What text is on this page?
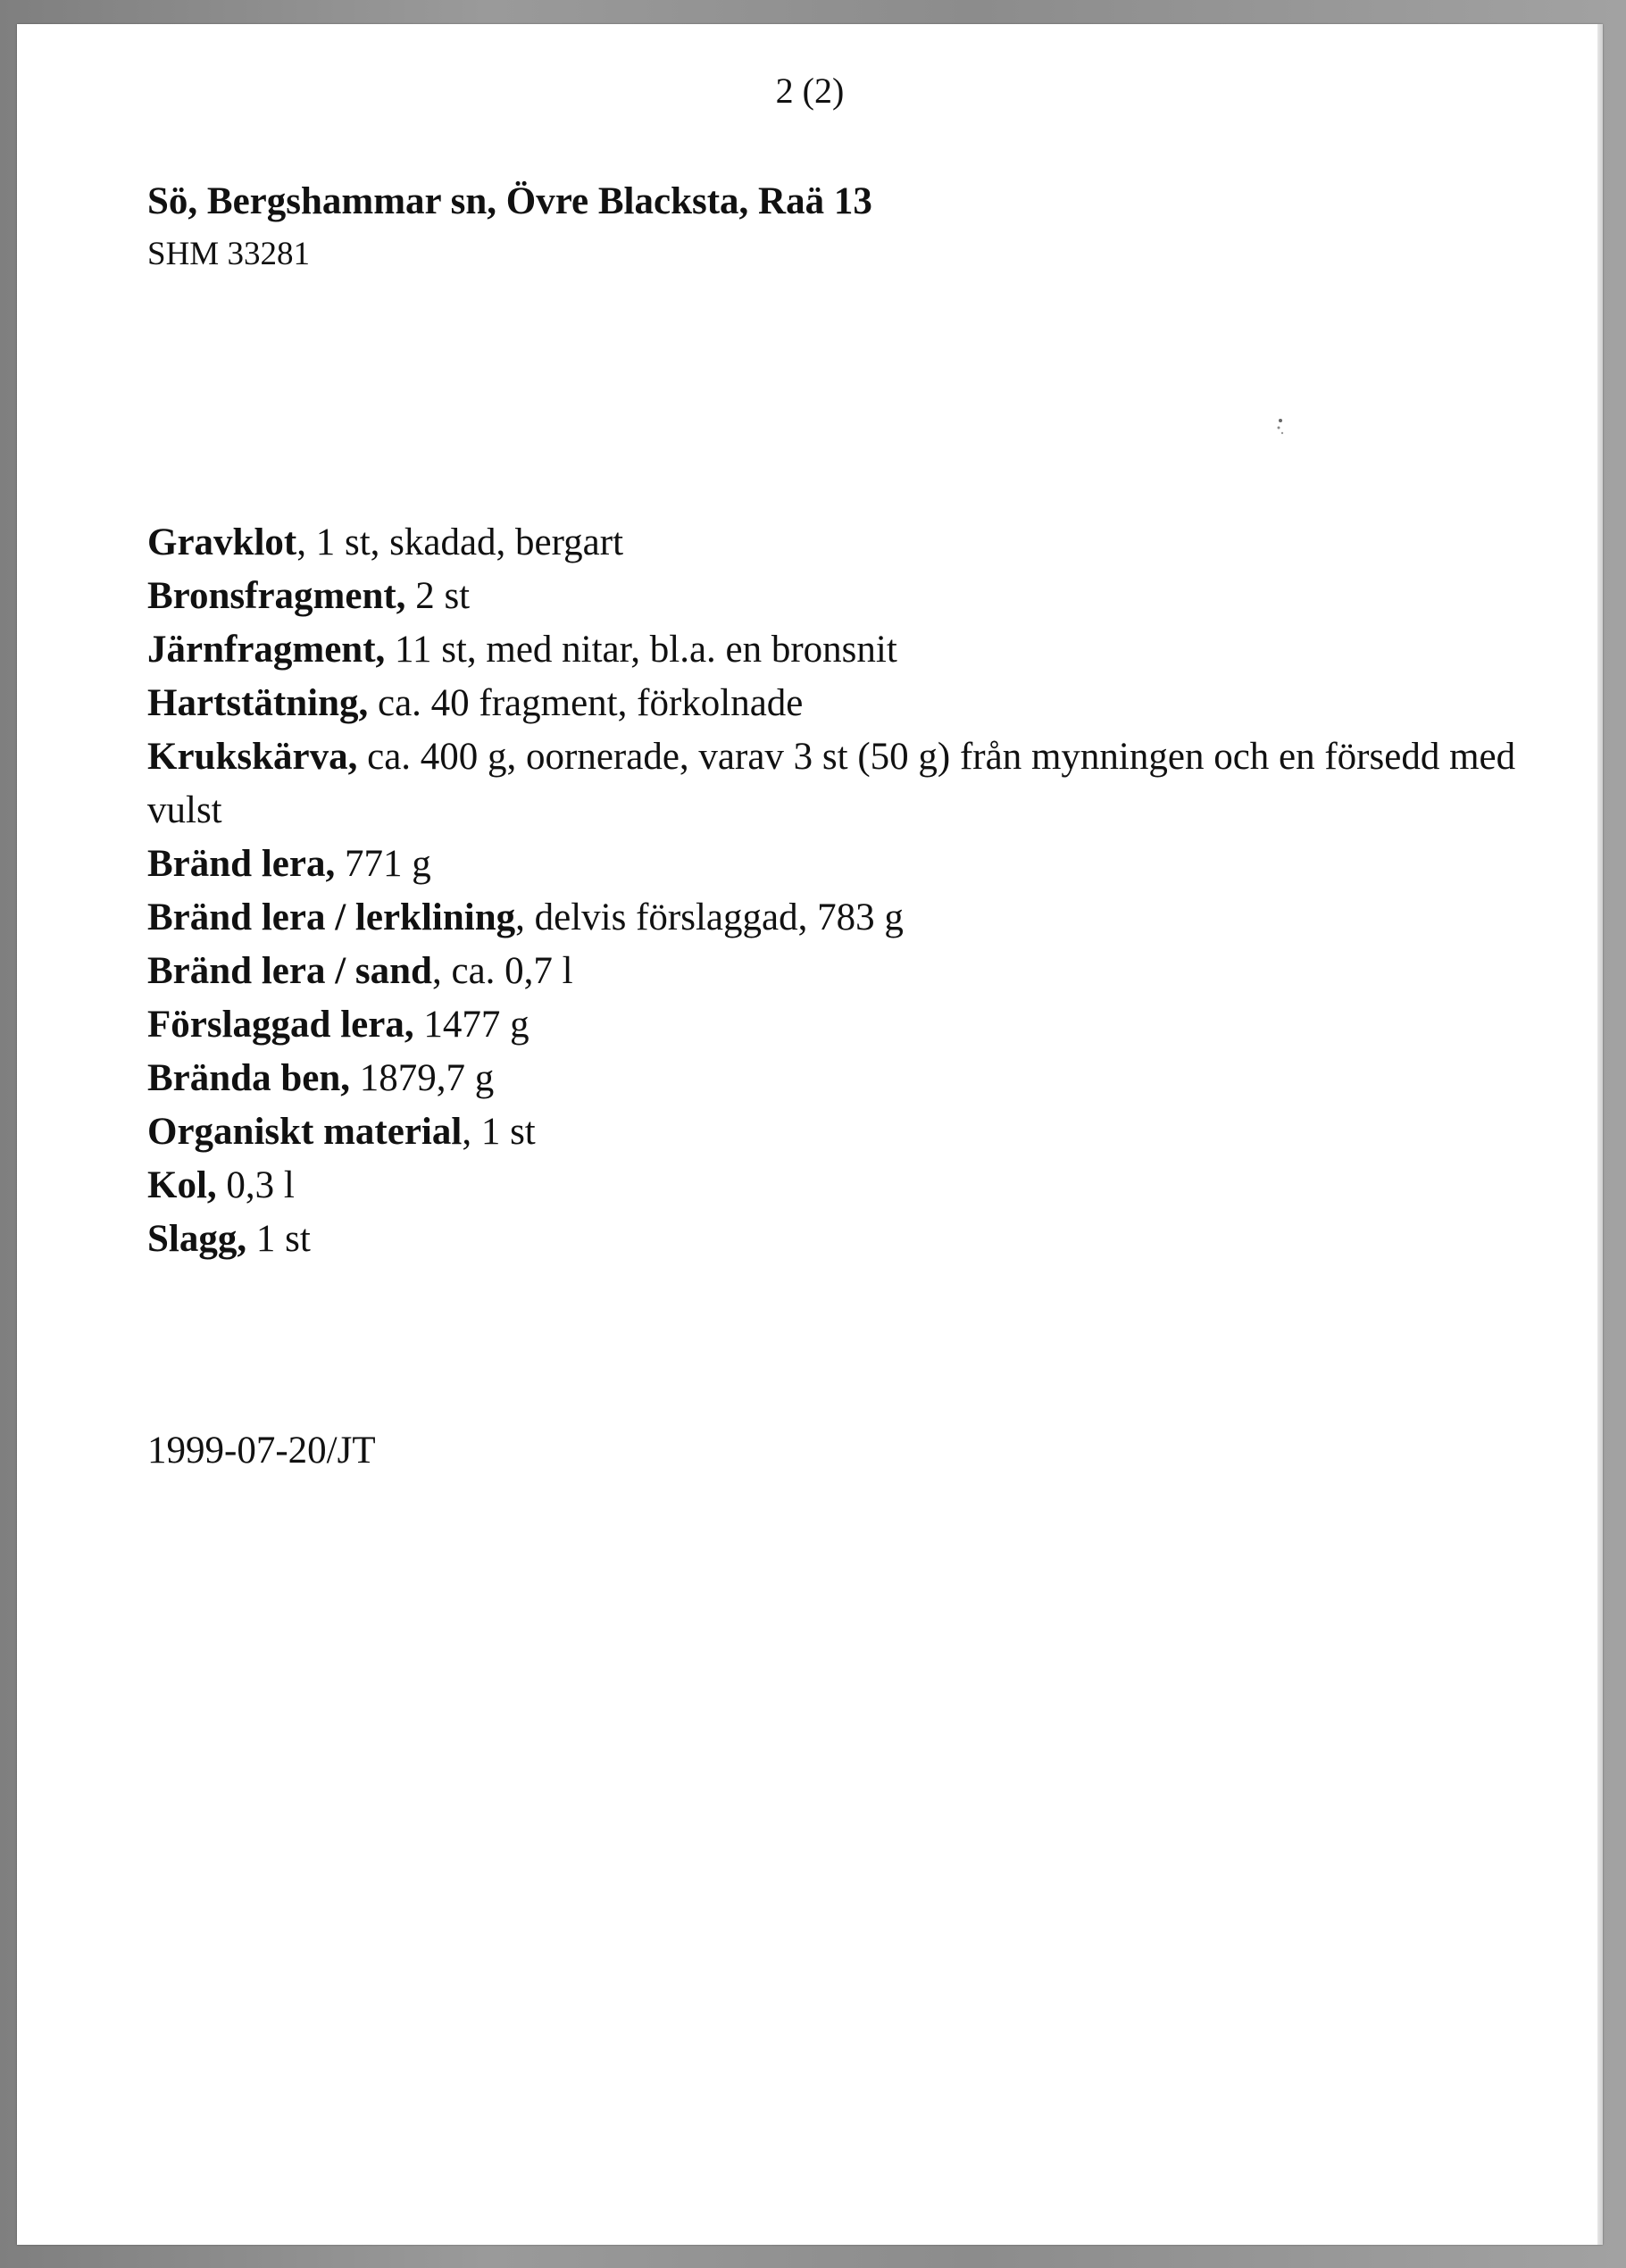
2 (2)
Sö, Bergshammar sn, Övre Blacksta, Raä 13
SHM 33281

Gravklot, 1 st, skadad, bergart

Bronsfragment, 2 st

Järnfragment, 11 st, med nitar, bl.a. en bronsnit

Hartstätning, ca. 40 fragment, förkolnade

Krukskärva, ca. 400 g, oornerade, varav 3 st (50 g) från mynningen och en försedd med vulst

Bränd lera, 771 g

Bränd lera / lerklining, delvis förslaggad, 783 g

Bränd lera / sand, ca. 0,7 l

Förslaggad lera, 1477 g

Brända ben, 1879,7 g

Organiskt material, 1 st

Kol, 0,3 l

Slagg, 1 st

1999-07-20/JT
